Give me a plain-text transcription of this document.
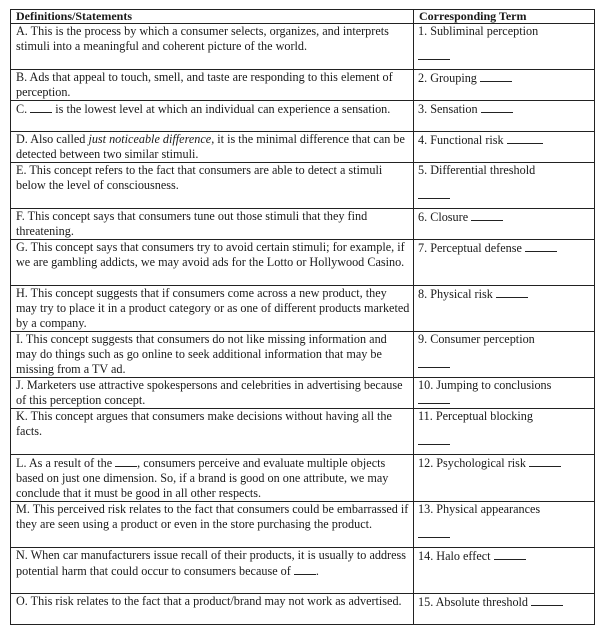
Definitions/Statements	Corresponding Term
A. This is the process by which a consumer selects, organizes, and interprets stimuli into a meaningful and coherent picture of the world.	1. Subliminal perception

B. Ads that appeal to touch, smell, and taste are responding to this element of perception.	2. Grouping
C. is the lowest level at which an individual can experience a sensation.	3. Sensation
D. Also called just noticeable difference, it is the minimal difference that can be detected between two similar stimuli.	4. Functional risk
E. This concept refers to the fact that consumers are able to detect a stimuli below the level of consciousness.	5. Differential threshold

F. This concept says that consumers tune out those stimuli that they find threatening.	6. Closure
G. This concept says that consumers try to avoid certain stimuli; for example, if we are gambling addicts, we may avoid ads for the Lotto or Hollywood Casino.	7. Perceptual defense
H. This concept suggests that if consumers come across a new product, they may try to place it in a product category or as one of different products marketed by a company.	8. Physical risk
I. This concept suggests that consumers do not like missing information and may do things such as go online to seek additional information that may be missing from a TV ad.	9. Consumer perception

J. Marketers use attractive spokespersons and celebrities in advertising because of this perception concept.	10. Jumping to conclusions

K. This concept argues that consumers make decisions without having all the facts.	11. Perceptual blocking

L. As a result of the , consumers perceive and evaluate multiple objects based on just one dimension. So, if a brand is good on one attribute, we may conclude that it must be good in all other respects.	12. Psychological risk
M. This perceived risk relates to the fact that consumers could be embarrassed if they are seen using a product or even in the store purchasing the product.	13. Physical appearances

N. When car manufacturers issue recall of their products, it is usually to address potential harm that could occur to consumers because of .	14. Halo effect
O. This risk relates to the fact that a product/brand may not work as advertised.	15. Absolute threshold
